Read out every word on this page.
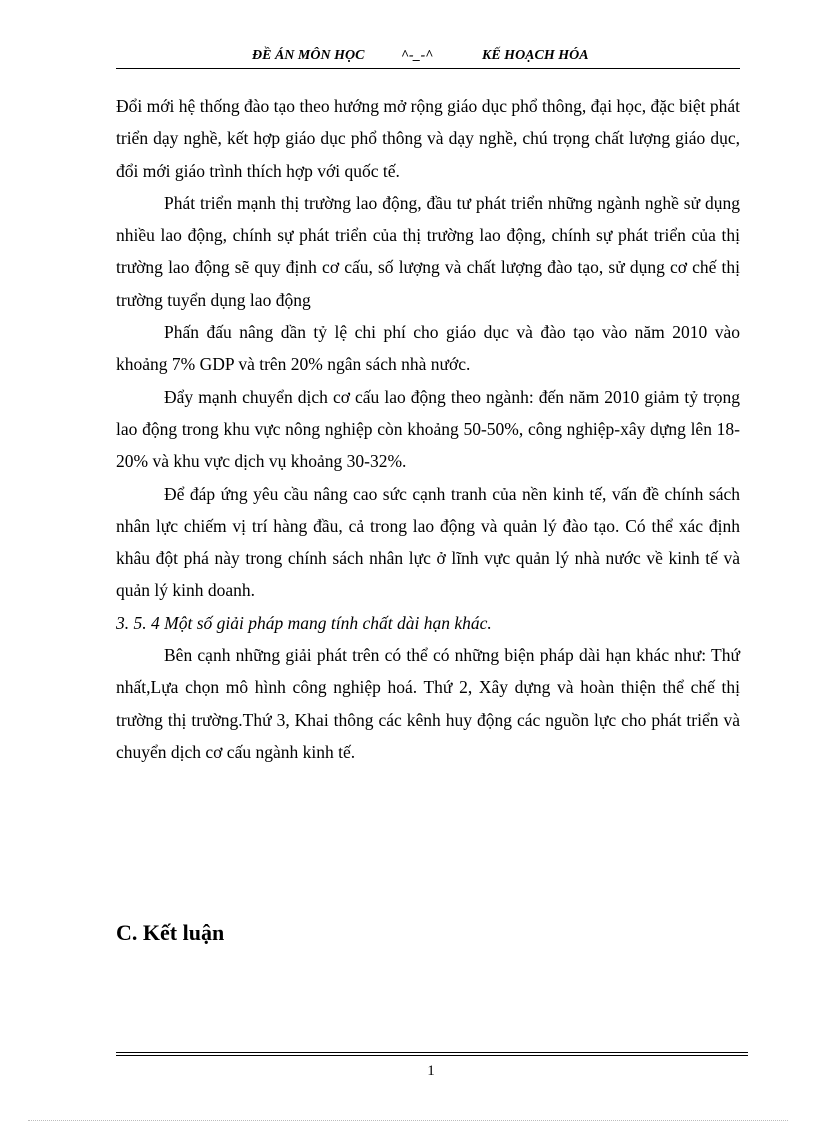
ĐỀ ÁN MÔN HỌC	^-_-^	KẾ HOẠCH HÓA

Đổi mới hệ thống đào tạo theo hướng mở rộng giáo dục phổ thông, đại học, đặc biệt phát triển dạy nghề, kết hợp giáo dục phổ thông và dạy nghề, chú trọng chất lượng giáo dục, đổi mới giáo trình thích hợp với quốc tế.

Phát triển mạnh thị trường lao động, đầu tư phát triển những ngành nghề sử dụng nhiều lao động, chính sự phát triển của thị trường lao động, chính sự phát triển của thị trường lao động sẽ quy định cơ cấu, số lượng và chất lượng đào tạo, sử dụng cơ chế thị trường tuyển dụng lao động

Phấn đấu nâng dần tỷ lệ chi phí cho giáo dục và đào tạo vào năm 2010 vào khoảng 7% GDP và trên 20% ngân sách nhà nước.

Đẩy mạnh chuyển dịch cơ cấu lao động theo ngành: đến năm 2010 giảm tỷ trọng lao động trong khu vực nông nghiệp còn khoảng 50-50%, công nghiệp-xây dựng lên 18-20% và khu vực dịch vụ khoảng 30-32%.

Để đáp ứng yêu cầu nâng cao sức cạnh tranh của nền kinh tế, vấn đề chính sách nhân lực chiếm vị trí hàng đầu, cả trong lao động và quản lý đào tạo. Có thể xác định khâu đột phá này trong chính sách nhân lực ở lĩnh vực quản lý nhà nước về kinh tế và quản lý kinh doanh.

3. 5. 4 Một số giải pháp mang tính chất dài hạn khác.

Bên cạnh những giải phát trên có thể có những biện pháp dài hạn khác như: Thứ nhất,Lựa chọn mô hình công nghiệp hoá. Thứ 2, Xây dựng và hoàn thiện thể chế thị trường thị trường.Thứ 3, Khai thông các kênh huy động các nguồn lực cho phát triển và chuyển dịch cơ cấu ngành kinh tế.

C. Kết luận
1
